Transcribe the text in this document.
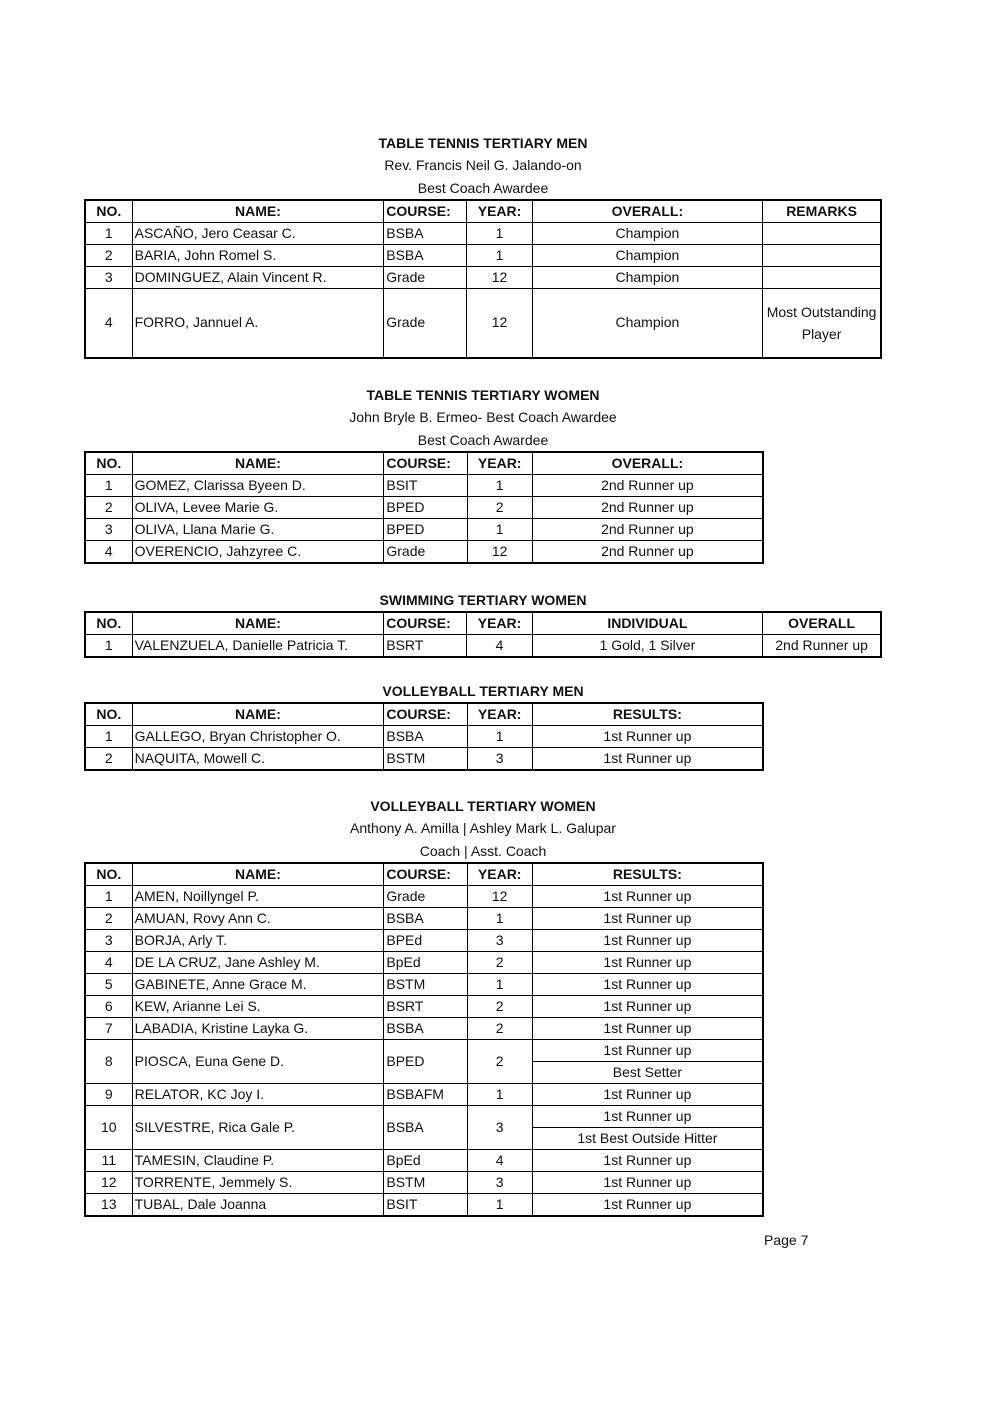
TABLE TENNIS TERTIARY MEN
Rev. Francis Neil G. Jalando-on
Best Coach Awardee
NO.	NAME:	COURSE:	YEAR:	OVERALL:	REMARKS
1	ASCAÑO, Jero Ceasar C.	BSBA	1	Champion	
2	BARIA, John Romel S.	BSBA	1	Champion	
3	DOMINGUEZ, Alain Vincent R.	Grade	12	Champion	
4	FORRO, Jannuel A.	Grade	12	Champion	Most Outstanding Player
TABLE TENNIS TERTIARY WOMEN
John Bryle B. Ermeo- Best Coach Awardee
Best Coach Awardee
NO.	NAME:	COURSE:	YEAR:	OVERALL:
1	GOMEZ, Clarissa Byeen D.	BSIT	1	2nd Runner up
2	OLIVA, Levee Marie G.	BPED	2	2nd Runner up
3	OLIVA, Llana Marie G.	BPED	1	2nd Runner up
4	OVERENCIO, Jahzyree C.	Grade	12	2nd Runner up
SWIMMING TERTIARY WOMEN
NO.	NAME:	COURSE:	YEAR:	INDIVIDUAL	OVERALL
1	VALENZUELA, Danielle Patricia T.	BSRT	4	1 Gold, 1 Silver	2nd Runner up
VOLLEYBALL TERTIARY MEN
NO.	NAME:	COURSE:	YEAR:	RESULTS:
1	GALLEGO, Bryan Christopher O.	BSBA	1	1st Runner up
2	NAQUITA, Mowell C.	BSTM	3	1st Runner up
VOLLEYBALL TERTIARY WOMEN
Anthony A. Amilla | Ashley Mark L. Galupar
Coach | Asst. Coach
NO.	NAME:	COURSE:	YEAR:	RESULTS:
1	AMEN, Noillyngel P.	Grade	12	1st Runner up
2	AMUAN, Rovy Ann C.	BSBA	1	1st Runner up
3	BORJA, Arly T.	BPEd	3	1st Runner up
4	DE LA CRUZ, Jane Ashley M.	BpEd	2	1st Runner up
5	GABINETE, Anne Grace M.	BSTM	1	1st Runner up
6	KEW, Arianne Lei S.	BSRT	2	1st Runner up
7	LABADIA, Kristine Layka G.	BSBA	2	1st Runner up
8	PIOSCA, Euna Gene D.	BPED	2	1st Runner up
				Best Setter
9	RELATOR, KC Joy I.	BSBAFM	1	1st Runner up
10	SILVESTRE, Rica Gale P.	BSBA	3	1st Runner up
				1st Best Outside Hitter
11	TAMESIN, Claudine P.	BpEd	4	1st Runner up
12	TORRENTE, Jemmely S.	BSTM	3	1st Runner up
13	TUBAL, Dale Joanna	BSIT	1	1st Runner up
Page 7
